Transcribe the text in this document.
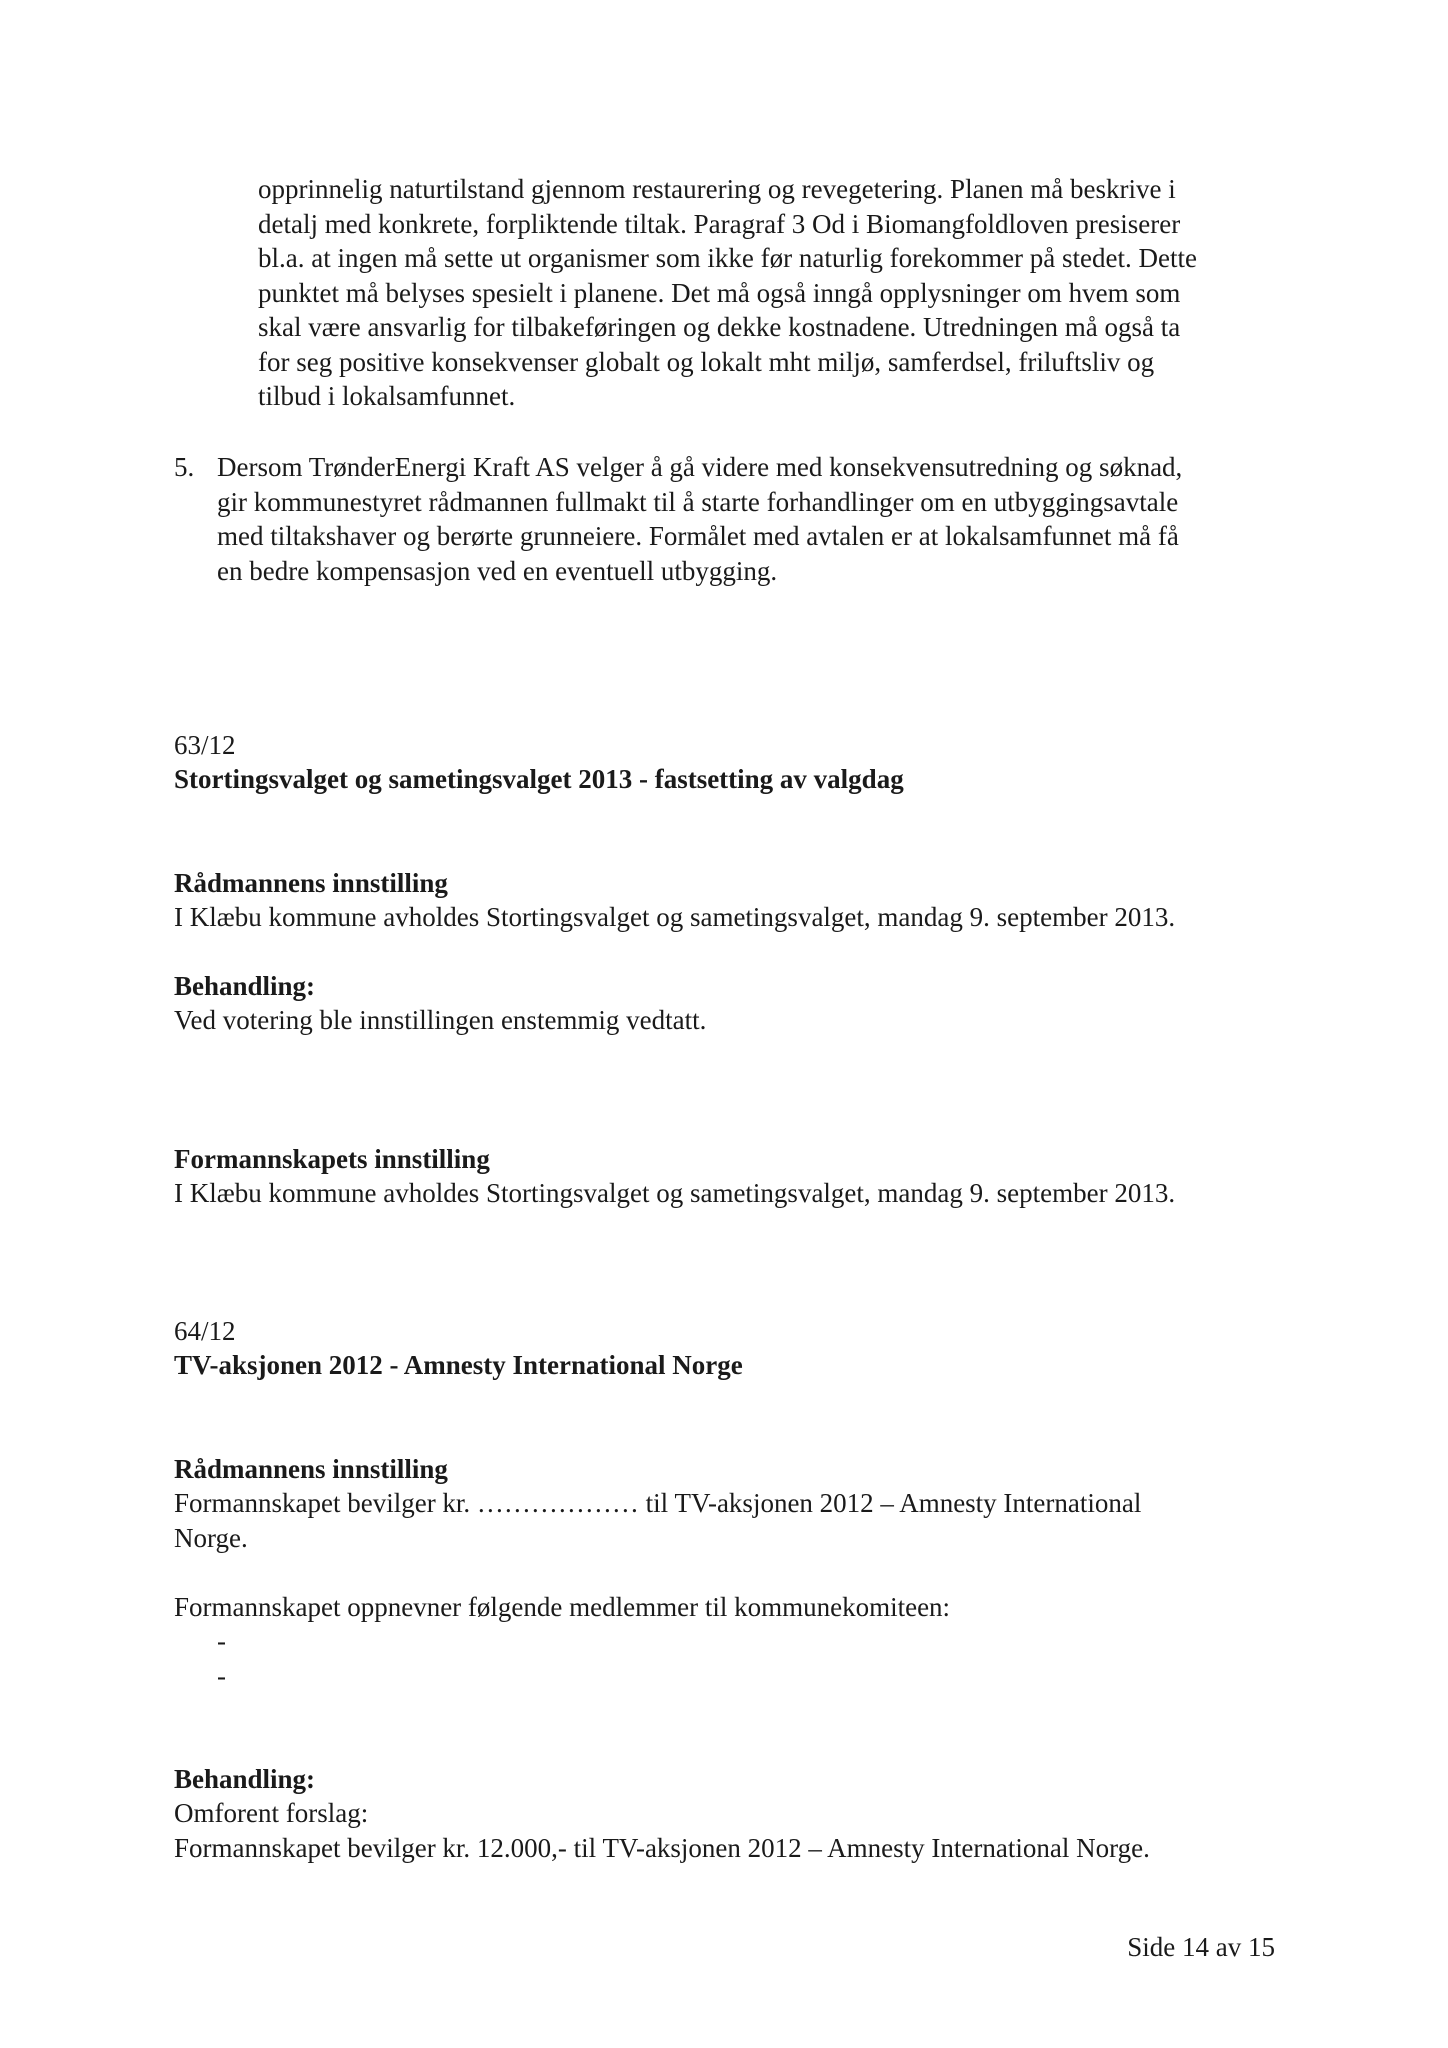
opprinnelig naturtilstand gjennom restaurering og revegetering. Planen må beskrive i

detalj med konkrete, forpliktende tiltak. Paragraf 3 Od i Biomangfoldloven presiserer

bl.a. at ingen må sette ut organismer som ikke før naturlig forekommer på stedet. Dette

punktet må belyses spesielt i planene. Det må også inngå opplysninger om hvem som

skal være ansvarlig for tilbakeføringen og dekke kostnadene. Utredningen må også ta

for seg positive konsekvenser globalt og lokalt mht miljø, samferdsel, friluftsliv og

tilbud i lokalsamfunnet.

5. Dersom TrønderEnergi Kraft AS velger å gå videre med konsekvensutredning og søknad,

gir kommunestyret rådmannen fullmakt til å starte forhandlinger om en utbyggingsavtale

med tiltakshaver og berørte grunneiere. Formålet med avtalen er at lokalsamfunnet må få

en bedre kompensasjon ved en eventuell utbygging.

63/12
Stortingsvalget og sametingsvalget 2013 - fastsetting av valgdag
Rådmannens innstilling
I Klæbu kommune avholdes Stortingsvalget og sametingsvalget, mandag 9. september 2013.
Behandling:
Ved votering ble innstillingen enstemmig vedtatt.
Formannskapets innstilling
I Klæbu kommune avholdes Stortingsvalget og sametingsvalget, mandag 9. september 2013.
64/12
TV-aksjonen 2012 - Amnesty International Norge
Rådmannens innstilling

Formannskapet bevilger kr. ……………… til TV-aksjonen 2012 – Amnesty International

Norge.

Formannskapet oppnevner følgende medlemmer til kommunekomiteen:
-
-
Behandling:

Omforent forslag:

Formannskapet bevilger kr. 12.000,- til TV-aksjonen 2012 – Amnesty International Norge.

Side 14 av 15
